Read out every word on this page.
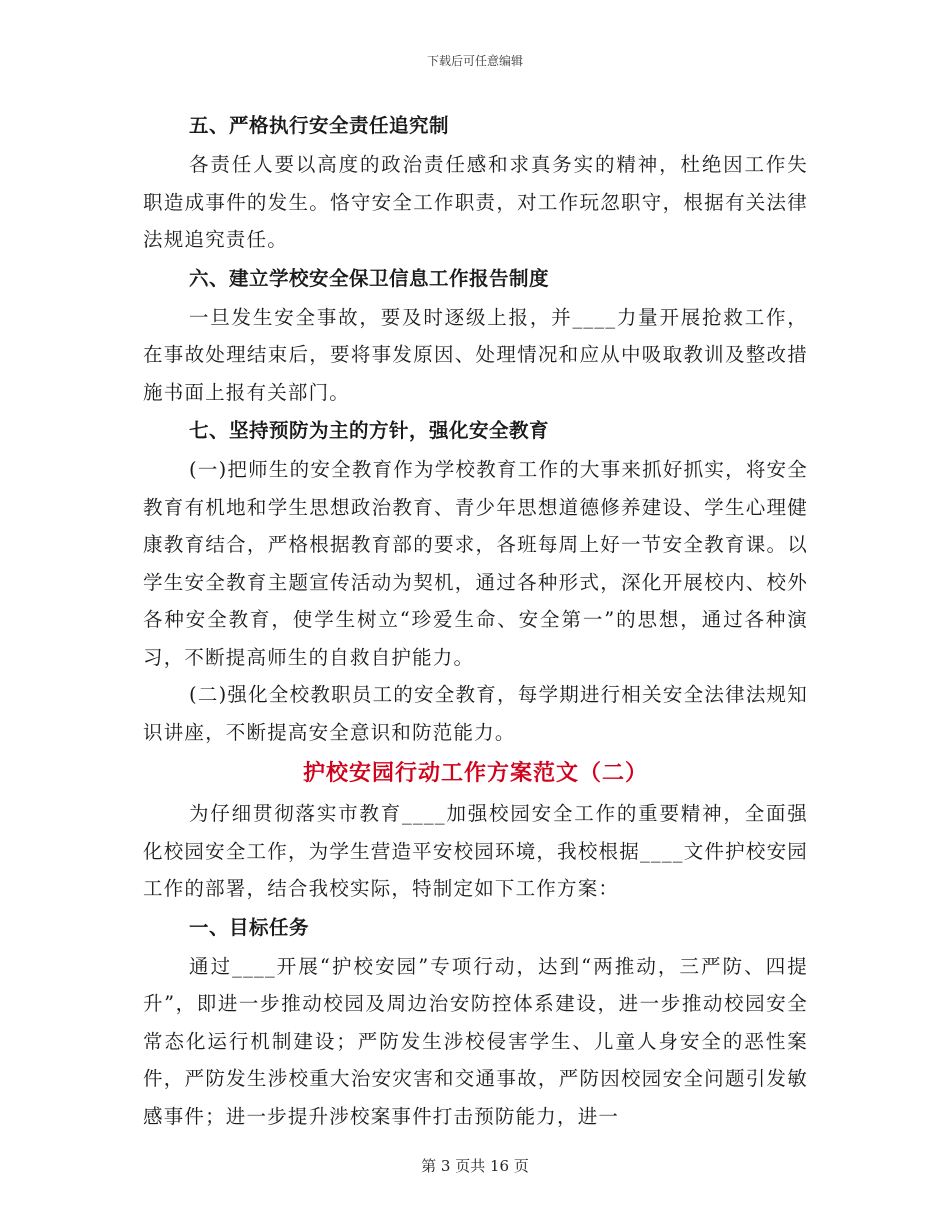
下载后可任意编辑
五、严格执行安全责任追究制
各责任人要以高度的政治责任感和求真务实的精神，杜绝因工作失职造成事件的发生。恪守安全工作职责，对工作玩忽职守，根据有关法律法规追究责任。
六、建立学校安全保卫信息工作报告制度
一旦发生安全事故，要及时逐级上报，并____力量开展抢救工作，在事故处理结束后，要将事发原因、处理情况和应从中吸取教训及整改措施书面上报有关部门。
七、坚持预防为主的方针，强化安全教育
(一)把师生的安全教育作为学校教育工作的大事来抓好抓实，将安全教育有机地和学生思想政治教育、青少年思想道德修养建设、学生心理健康教育结合，严格根据教育部的要求，各班每周上好一节安全教育课。以学生安全教育主题宣传活动为契机，通过各种形式，深化开展校内、校外各种安全教育，使学生树立“珍爱生命、安全第一”的思想，通过各种演习，不断提高师生的自救自护能力。
(二)强化全校教职员工的安全教育，每学期进行相关安全法律法规知识讲座，不断提高安全意识和防范能力。
护校安园行动工作方案范文（二）
为仔细贯彻落实市教育____加强校园安全工作的重要精神，全面强化校园安全工作，为学生营造平安校园环境，我校根据____文件护校安园工作的部署，结合我校实际，特制定如下工作方案：
一、目标任务
通过____开展“护校安园”专项行动，达到“两推动，三严防、四提升”，即进一步推动校园及周边治安防控体系建设，进一步推动校园安全常态化运行机制建设；严防发生涉校侵害学生、儿童人身安全的恶性案件，严防发生涉校重大治安灾害和交通事故，严防因校园安全问题引发敏感事件；进一步提升涉校案事件打击预防能力，进一
第 3 页共 16 页
